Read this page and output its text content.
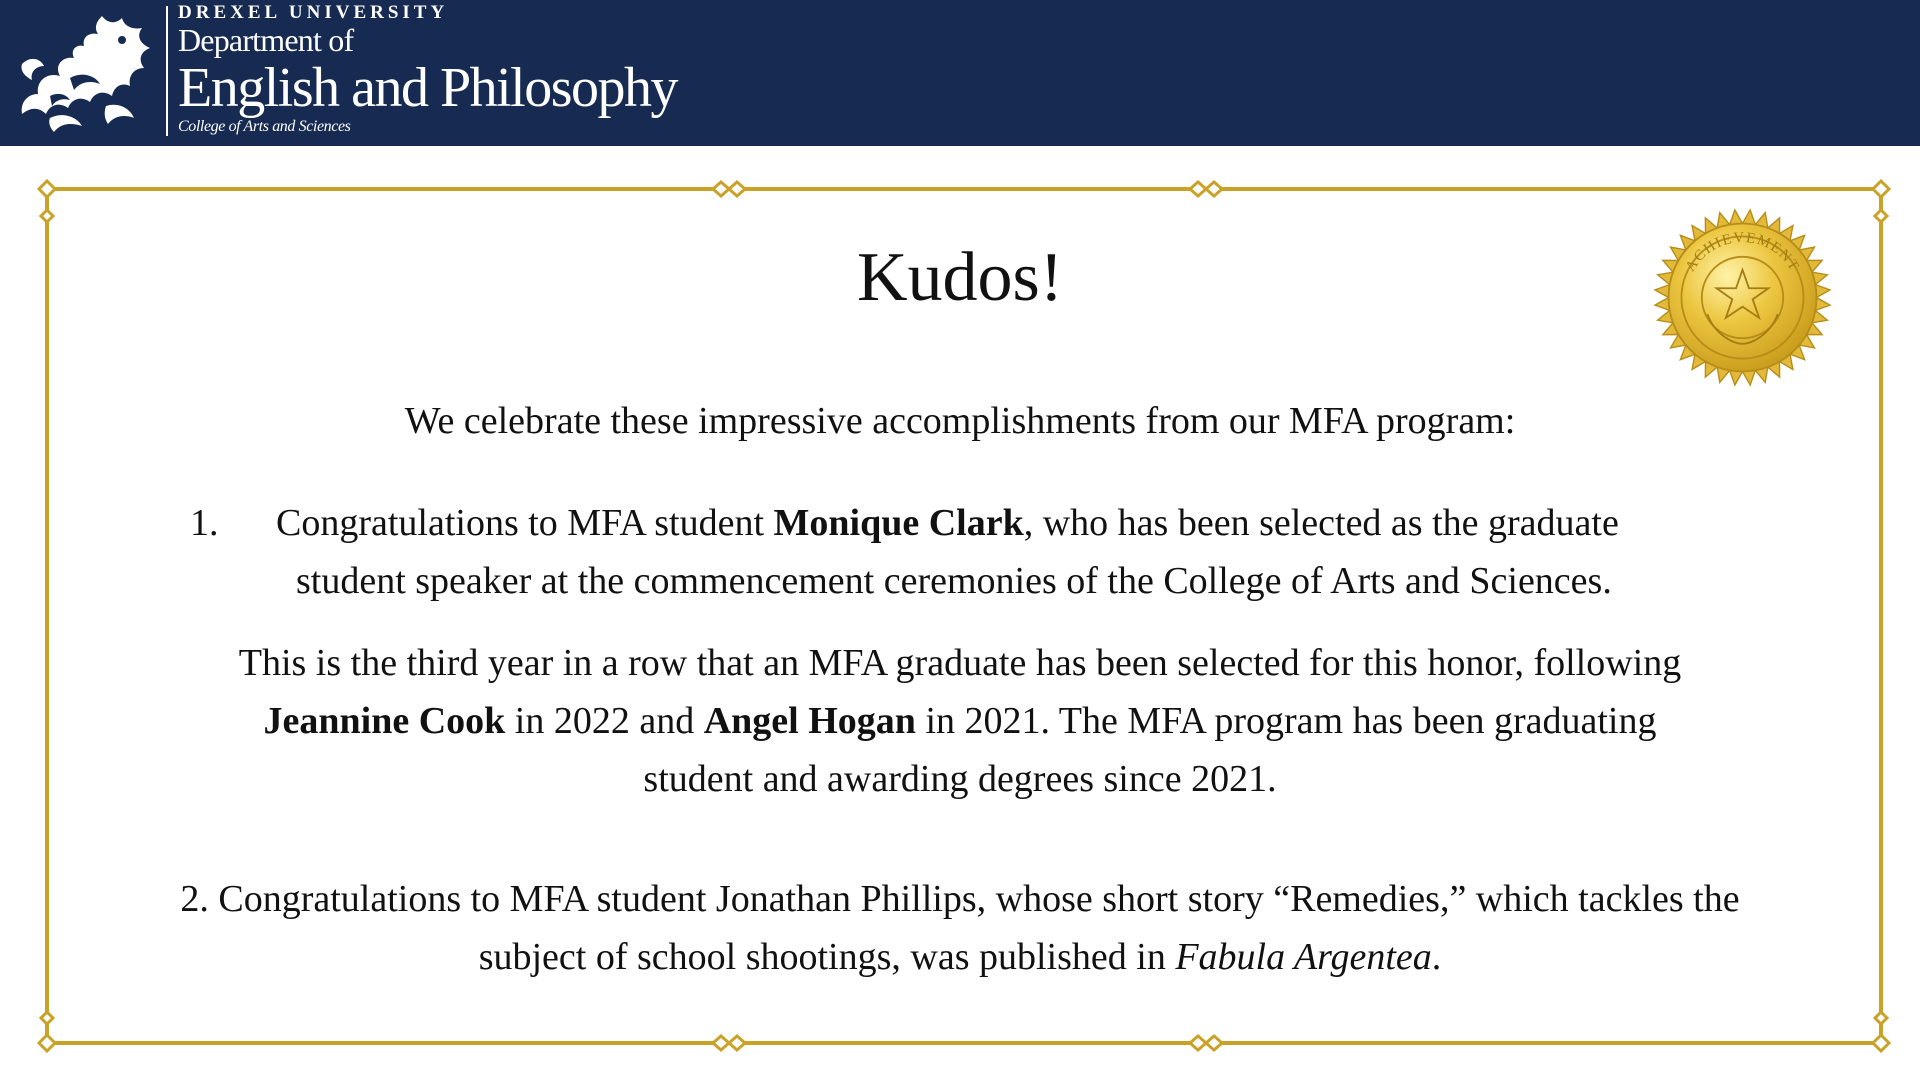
DREXEL UNIVERSITY
Department of
English and Philosophy
College of Arts and Sciences
ACHIEVEMENT
Kudos!
We celebrate these impressive accomplishments from our MFA program:
1. Congratulations to MFA student Monique Clark, who has been selected as the graduate
student speaker at the commencement ceremonies of the College of Arts and Sciences.
This is the third year in a row that an MFA graduate has been selected for this honor, following
Jeannine Cook in 2022 and Angel Hogan in 2021. The MFA program has been graduating
student and awarding degrees since 2021.
2. Congratulations to MFA student Jonathan Phillips, whose short story “Remedies,” which tackles the subject of school shootings, was published in Fabula Argentea.
